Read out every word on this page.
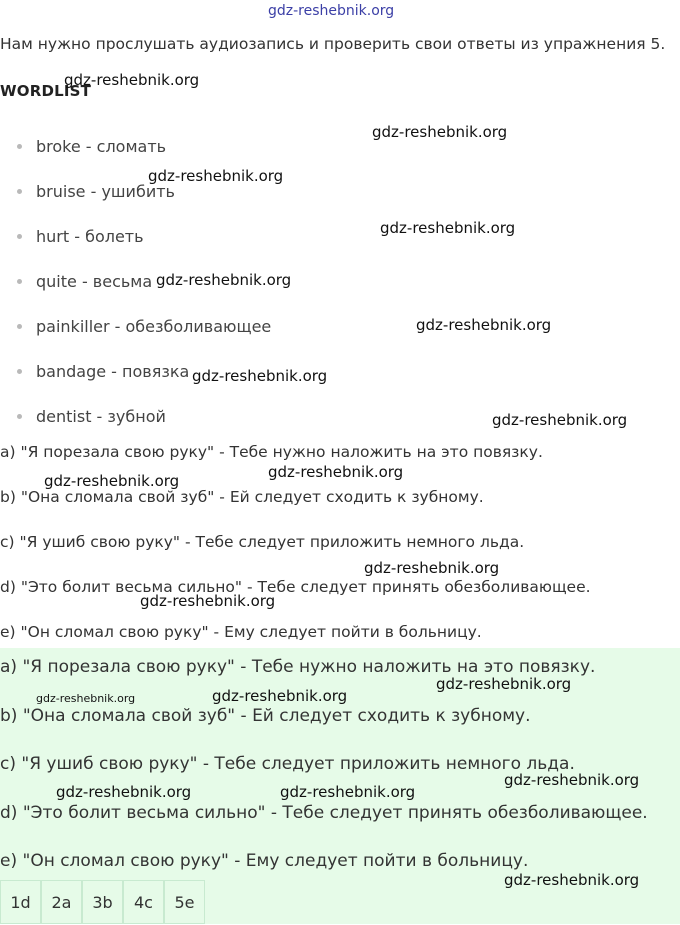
gdz-reshebnik.org
Нам нужно прослушать аудиозапись и проверить свои ответы из упражнения 5.
WORDLIST
broke - сломать
bruise - ушибить
hurt - болеть
quite - весьма
painkiller - обезболивающее
bandage - повязка
dentist - зубной
a) "Я порезала свою руку" - Тебе нужно наложить на это повязку.
b) "Она сломала свой зуб" - Ей следует сходить к зубному.
c) "Я ушиб свою руку" - Тебе следует приложить немного льда.
d) "Это болит весьма сильно" - Тебе следует принять обезболивающее.
e) "Он сломал свою руку" - Ему следует пойти в больницу.
a) "Я порезала свою руку" - Тебе нужно наложить на это повязку.
b) "Она сломала свой зуб" - Ей следует сходить к зубному.
c) "Я ушиб свою руку" - Тебе следует приложить немного льда.
d) "Это болит весьма сильно" - Тебе следует принять обезболивающее.
e) "Он сломал свою руку" - Ему следует пойти в больницу.
1d	2a	3b	4c	5e
gdz-reshebnik.org
gdz-reshebnik.org
gdz-reshebnik.org
gdz-reshebnik.org
gdz-reshebnik.org
gdz-reshebnik.org
gdz-reshebnik.org
gdz-reshebnik.org
gdz-reshebnik.org
gdz-reshebnik.org
gdz-reshebnik.org
gdz-reshebnik.org
gdz-reshebnik.org
gdz-reshebnik.org
gdz-reshebnik.org
gdz-reshebnik.org
gdz-reshebnik.org	gdz-reshebnik.org
gdz-reshebnik.org
